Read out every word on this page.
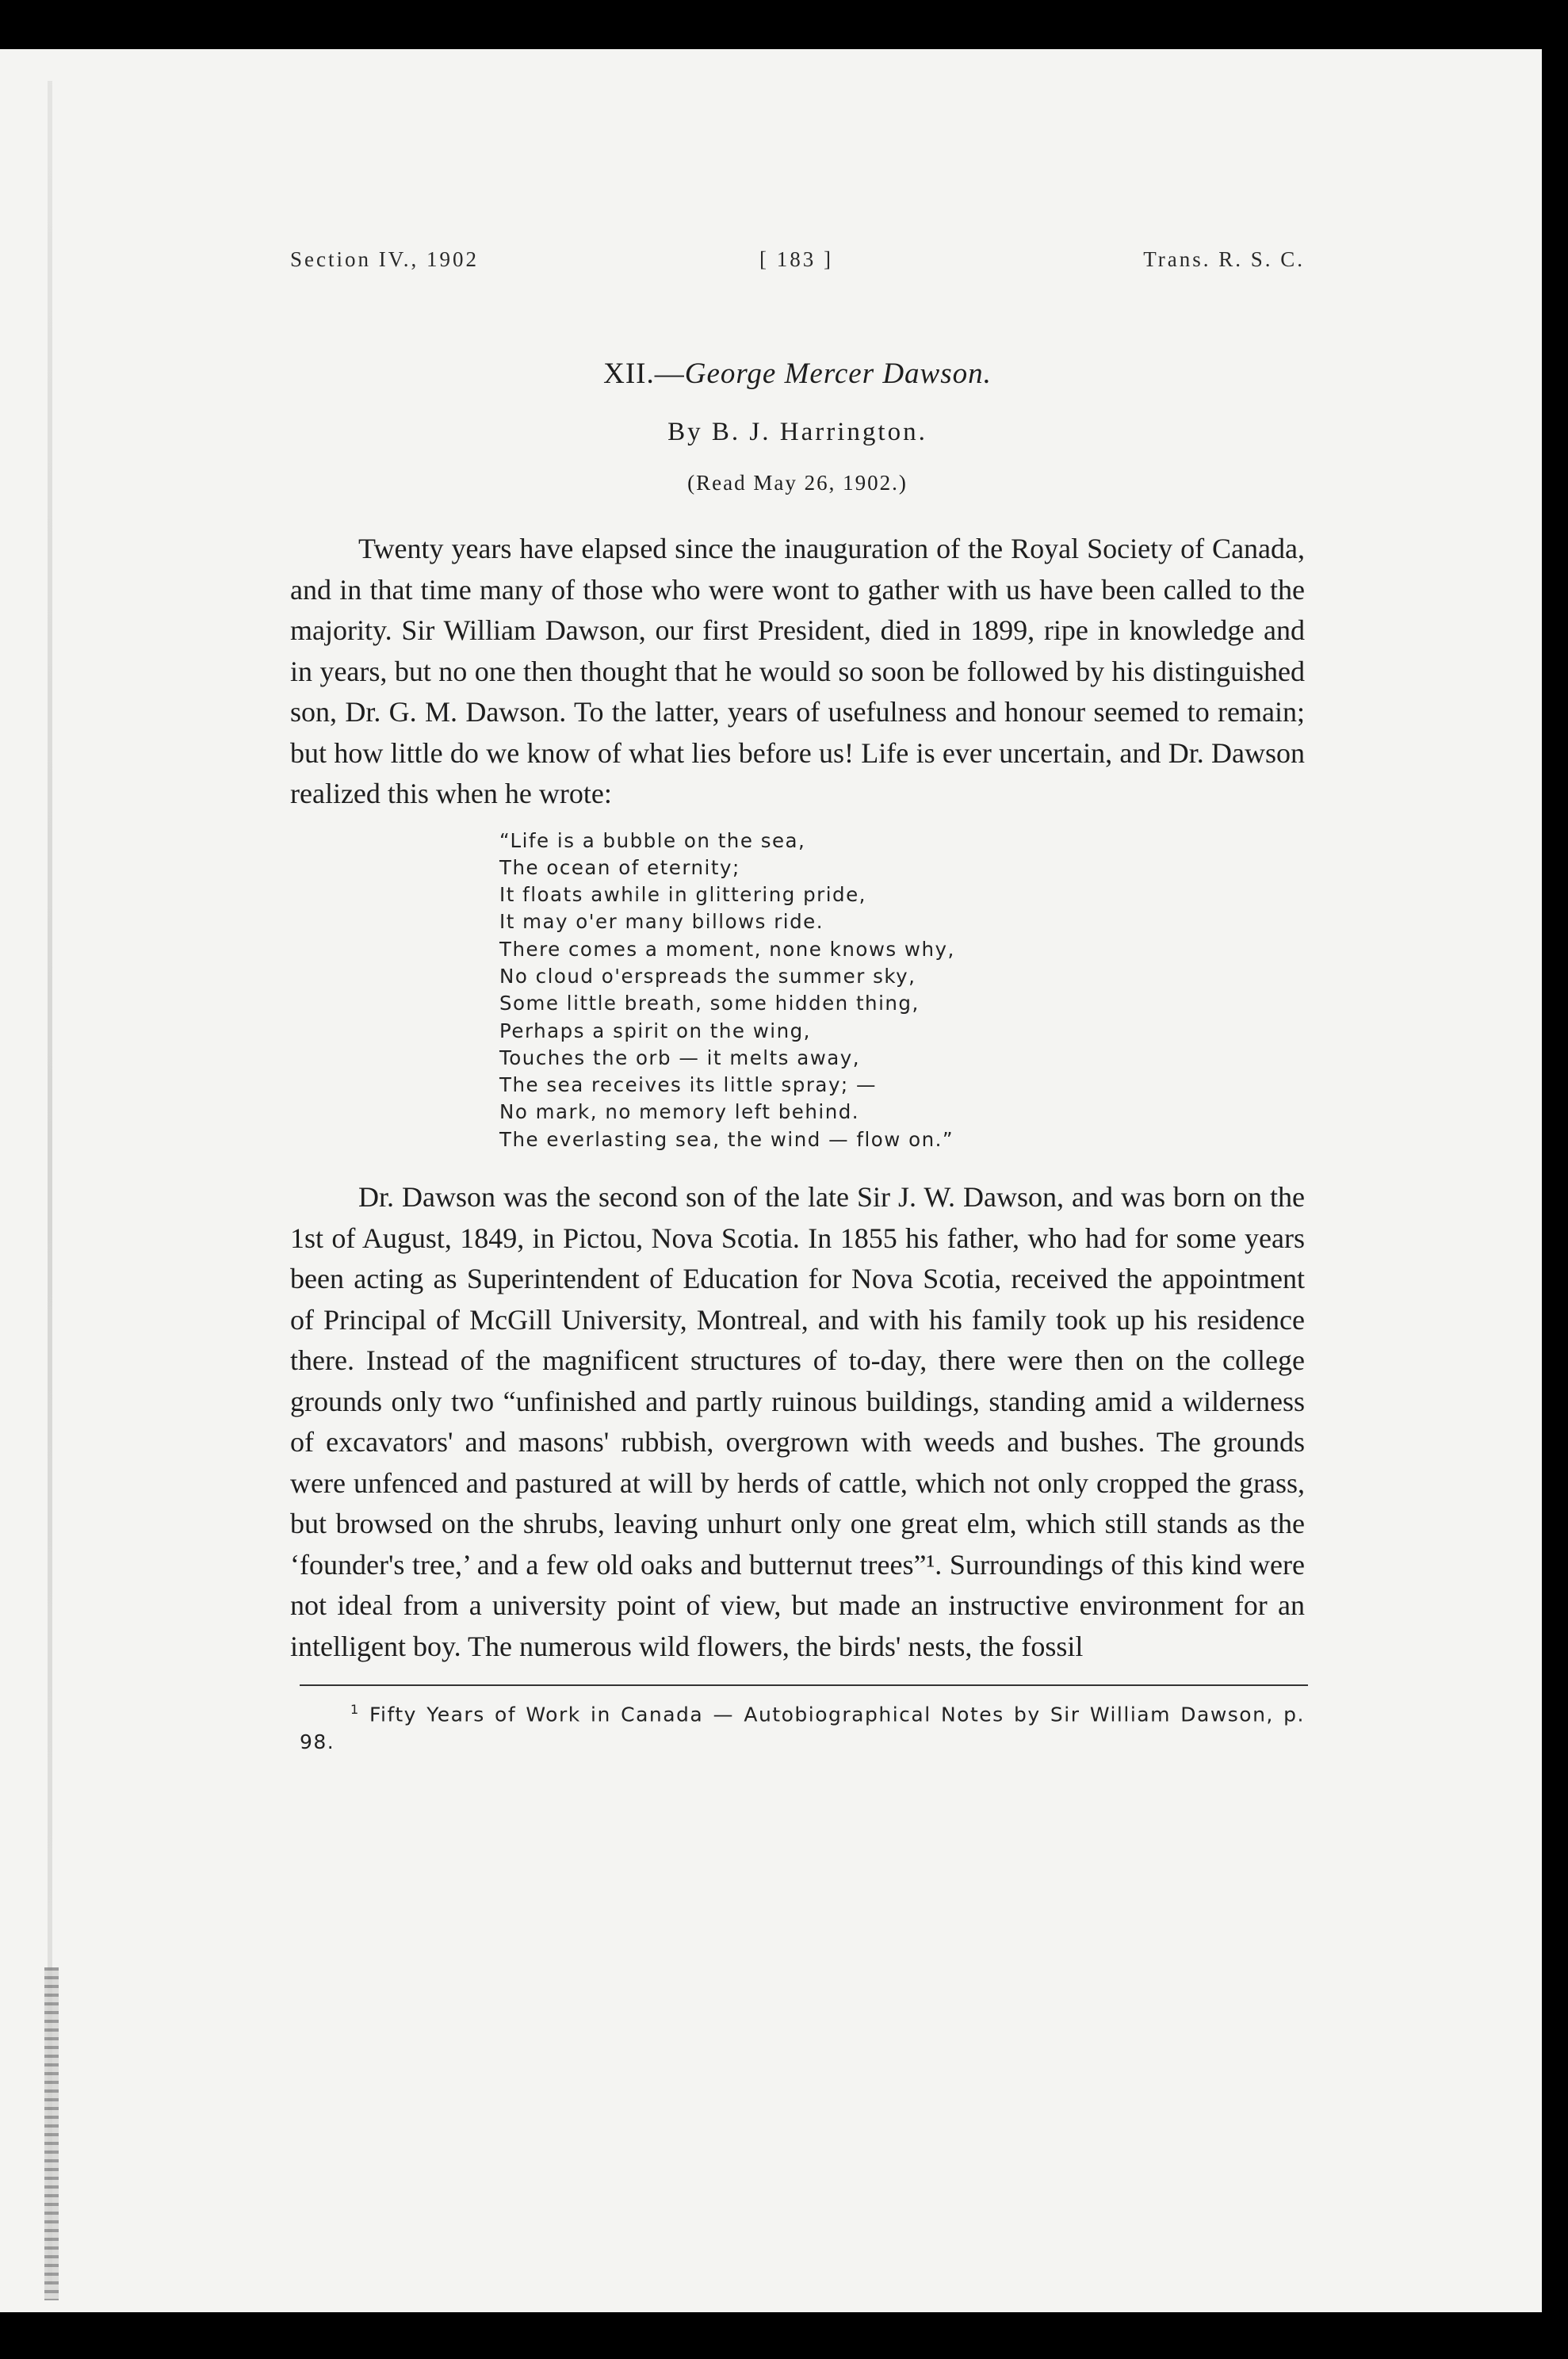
Section IV., 1902	[ 183 ]	Trans. R. S. C.
XII.—George Mercer Dawson.
By B. J. Harrington.
(Read May 26, 1902.)

Twenty years have elapsed since the inauguration of the Royal Society of Canada, and in that time many of those who were wont to gather with us have been called to the majority. Sir William Dawson, our first President, died in 1899, ripe in knowledge and in years, but no one then thought that he would so soon be followed by his distinguished son, Dr. G. M. Dawson. To the latter, years of usefulness and honour seemed to remain; but how little do we know of what lies before us! Life is ever uncertain, and Dr. Dawson realized this when he wrote:

“Life is a bubble on the sea,
The ocean of eternity;
It floats awhile in glittering pride,
It may o'er many billows ride.
There comes a moment, none knows why,
No cloud o'erspreads the summer sky,
Some little breath, some hidden thing,
Perhaps a spirit on the wing,
Touches the orb — it melts away,
The sea receives its little spray; —
No mark, no memory left behind.
The everlasting sea, the wind — flow on.”

Dr. Dawson was the second son of the late Sir J. W. Dawson, and was born on the 1st of August, 1849, in Pictou, Nova Scotia. In 1855 his father, who had for some years been acting as Superintendent of Education for Nova Scotia, received the appointment of Principal of McGill University, Montreal, and with his family took up his residence there. Instead of the magnificent structures of to-day, there were then on the college grounds only two “unfinished and partly ruinous buildings, standing amid a wilderness of excavators' and masons' rubbish, overgrown with weeds and bushes. The grounds were unfenced and pastured at will by herds of cattle, which not only cropped the grass, but browsed on the shrubs, leaving unhurt only one great elm, which still stands as the ‘founder's tree,’ and a few old oaks and butternut trees”¹. Surroundings of this kind were not ideal from a university point of view, but made an instructive environment for an intelligent boy. The numerous wild flowers, the birds' nests, the fossil

$^1$ Fifty Years of Work in Canada — Autobiographical Notes by Sir William Dawson, p. 98.
